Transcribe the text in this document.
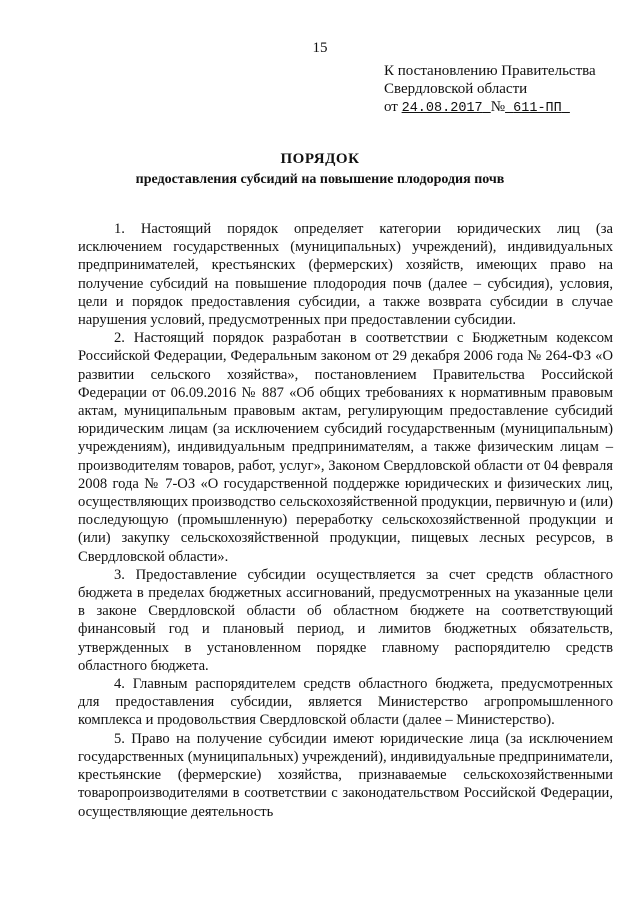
15
К постановлению Правительства
Свердловской области
от 24.08.2017 № 611-ПП
ПОРЯДОК
предоставления субсидий на повышение плодородия почв

1. Настоящий порядок определяет категории юридических лиц (за исключением государственных (муниципальных) учреждений), индивидуальных предпринимателей, крестьянских (фермерских) хозяйств, имеющих право на получение субсидий на повышение плодородия почв (далее – субсидия), условия, цели и порядок предоставления субсидии, а также возврата субсидии в случае нарушения условий, предусмотренных при предоставлении субсидии.

2. Настоящий порядок разработан в соответствии с Бюджетным кодексом Российской Федерации, Федеральным законом от 29 декабря 2006 года № 264-ФЗ «О развитии сельского хозяйства», постановлением Правительства Российской Федерации от 06.09.2016 № 887 «Об общих требованиях к нормативным правовым актам, муниципальным правовым актам, регулирующим предоставление субсидий юридическим лицам (за исключением субсидий государственным (муниципальным) учреждениям), индивидуальным предпринимателям, а также физическим лицам – производителям товаров, работ, услуг», Законом Свердловской области от 04 февраля 2008 года № 7-ОЗ «О государственной поддержке юридических и физических лиц, осуществляющих производство сельскохозяйственной продукции, первичную и (или) последующую (промышленную) переработку сельскохозяйственной продукции и (или) закупку сельскохозяйственной продукции, пищевых лесных ресурсов, в Свердловской области».

3. Предоставление субсидии осуществляется за счет средств областного бюджета в пределах бюджетных ассигнований, предусмотренных на указанные цели в законе Свердловской области об областном бюджете на соответствующий финансовый год и плановый период, и лимитов бюджетных обязательств, утвержденных в установленном порядке главному распорядителю средств областного бюджета.

4. Главным распорядителем средств областного бюджета, предусмотренных для предоставления субсидии, является Министерство агропромышленного комплекса и продовольствия Свердловской области (далее – Министерство).

5. Право на получение субсидии имеют юридические лица (за исключением государственных (муниципальных) учреждений), индивидуальные предприниматели, крестьянские (фермерские) хозяйства, признаваемые сельскохозяйственными товаропроизводителями в соответствии с законодательством Российской Федерации, осуществляющие деятельность
